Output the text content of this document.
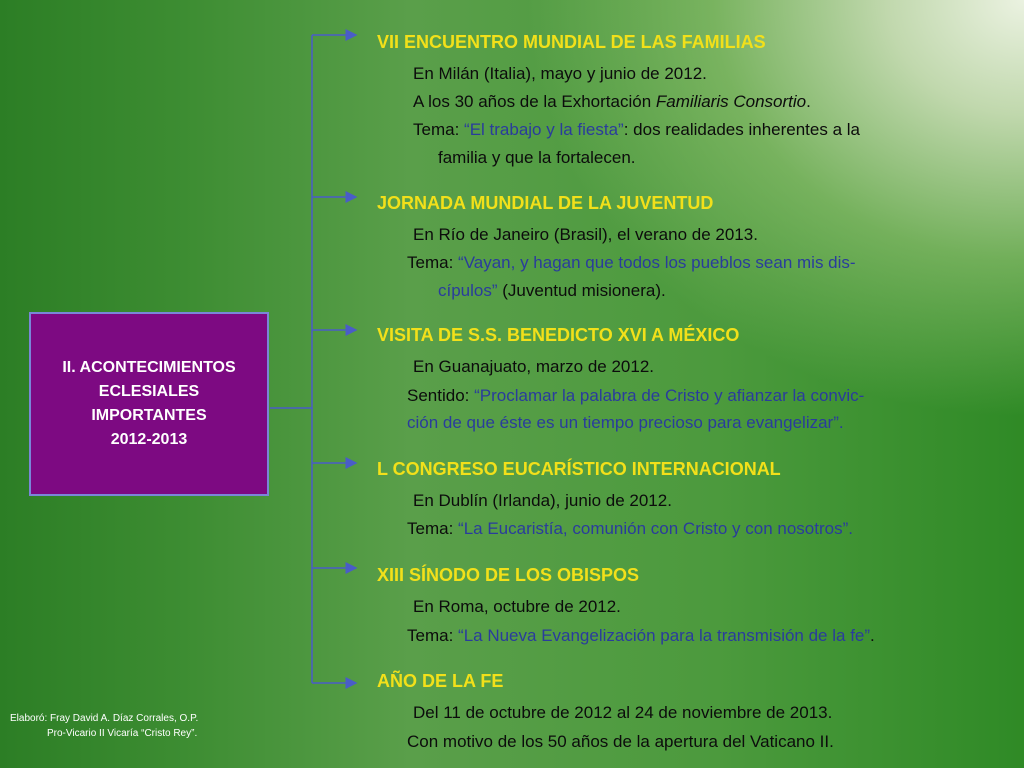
II. ACONTECIMIENTOS
ECLESIALES
IMPORTANTES
2012-2013
VII ENCUENTRO MUNDIAL DE LAS FAMILIAS
En Milán (Italia), mayo y junio de 2012.
A los 30 años de la Exhortación Familiaris Consortio.
Tema: “El trabajo y la fiesta”: dos realidades inherentes a la
familia y que la fortalecen.
JORNADA MUNDIAL DE LA JUVENTUD
En Río de Janeiro (Brasil), el verano de 2013.
Tema: “Vayan, y hagan que todos los pueblos sean mis dis-
cípulos” (Juventud misionera).
VISITA DE S.S. BENEDICTO XVI A MÉXICO
En Guanajuato, marzo de 2012.
Sentido: “Proclamar la palabra de Cristo y afianzar la convic-
ción de que éste es un tiempo precioso para evangelizar”.
L CONGRESO EUCARÍSTICO INTERNACIONAL
En Dublín (Irlanda), junio de 2012.
Tema: “La Eucaristía, comunión con Cristo y con nosotros”.
XIII SÍNODO DE LOS OBISPOS
En Roma, octubre de 2012.
Tema: “La Nueva Evangelización para la transmisión de la fe”.
AÑO DE LA FE
Del 11 de octubre de 2012 al 24 de noviembre de 2013.
Con motivo de los 50 años de la apertura del Vaticano II.
Elaboró: Fray David A. Díaz Corrales, O.P.
Pro-Vicario II Vicaría “Cristo Rey”.
